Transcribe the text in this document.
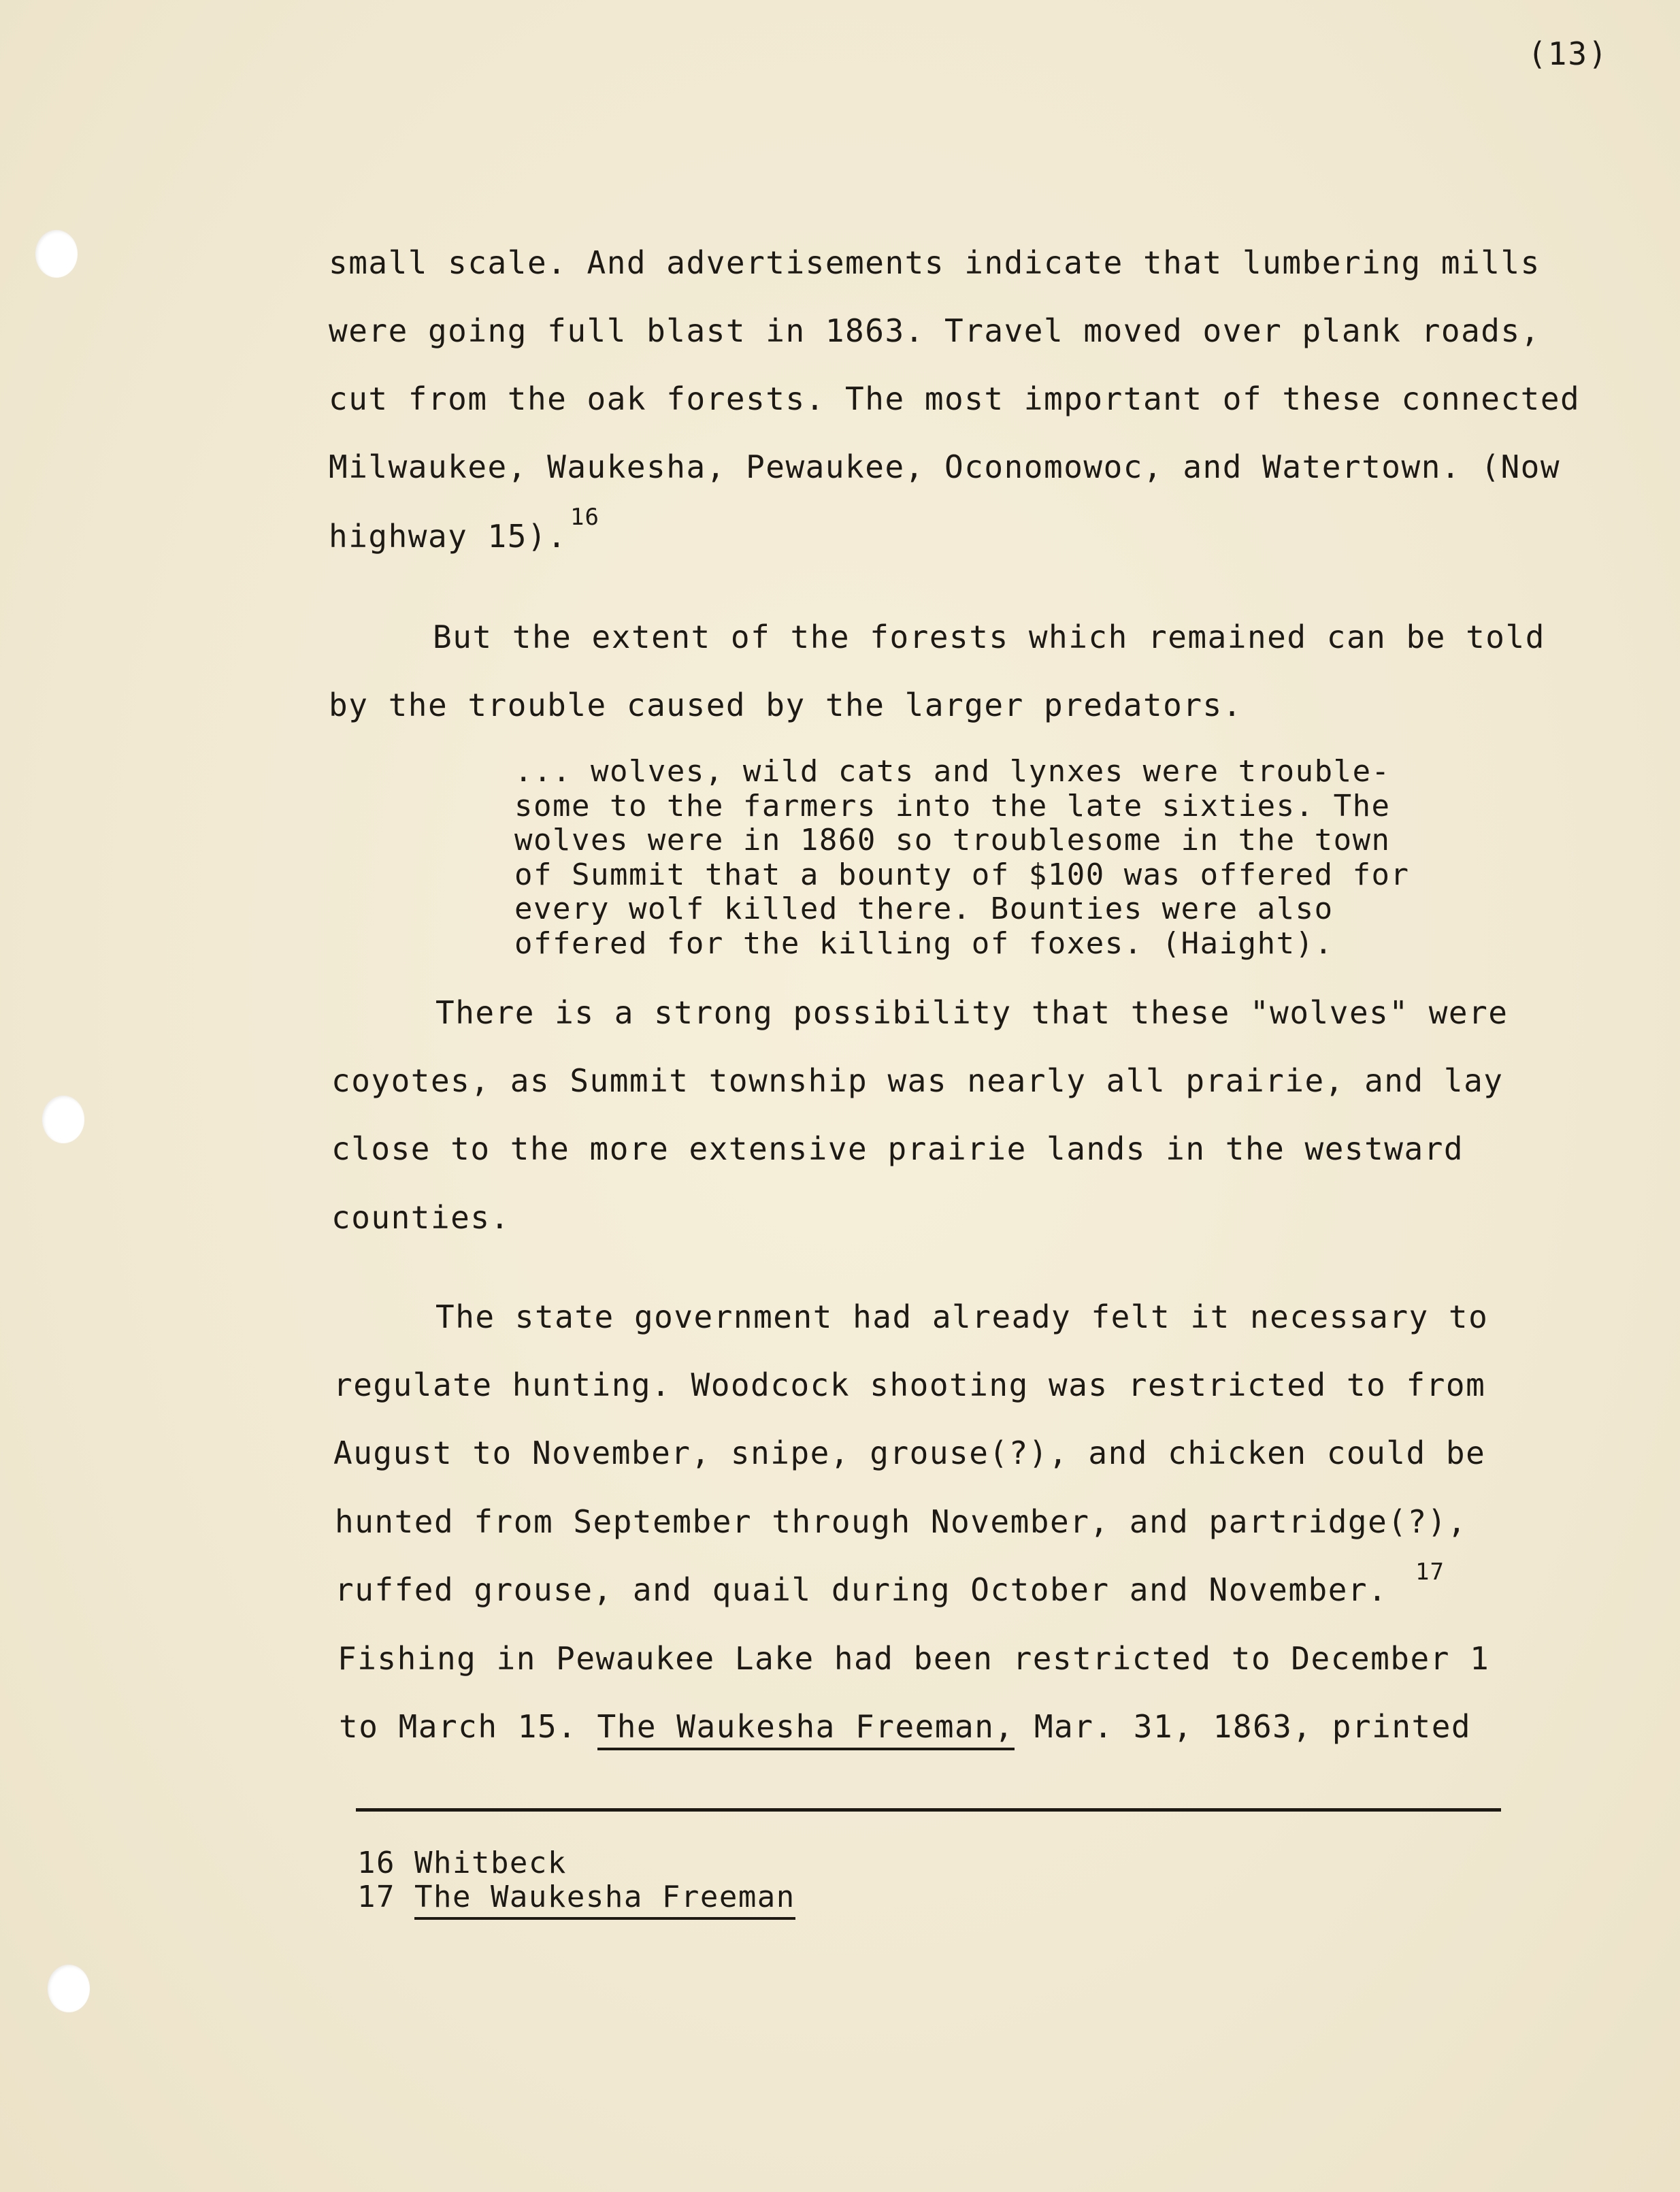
(13)
small scale. And advertisements indicate that lumbering mills
were going full blast in 1863. Travel moved over plank roads,
cut from the oak forests. The most important of these connected
Milwaukee, Waukesha, Pewaukee, Oconomowoc, and Watertown. (Now
highway 15).
16
But the extent of the forests which remained can be told
by the trouble caused by the larger predators.
... wolves, wild cats and lynxes were trouble-
some to the farmers into the late sixties. The
wolves were in 1860 so troublesome in the town
of Summit that a bounty of $100 was offered for
every wolf killed there. Bounties were also
offered for the killing of foxes. (Haight).
There is a strong possibility that these "wolves" were
coyotes, as Summit township was nearly all prairie, and lay
close to the more extensive prairie lands in the westward
counties.
The state government had already felt it necessary to
regulate hunting. Woodcock shooting was restricted to from
August to November, snipe, grouse(?), and chicken could be
hunted from September through November, and partridge(?),
ruffed grouse, and quail during October and November. 17
Fishing in Pewaukee Lake had been restricted to December 1
to March 15. The Waukesha Freeman, Mar. 31, 1863, printed
16 Whitbeck
17 The Waukesha Freeman
